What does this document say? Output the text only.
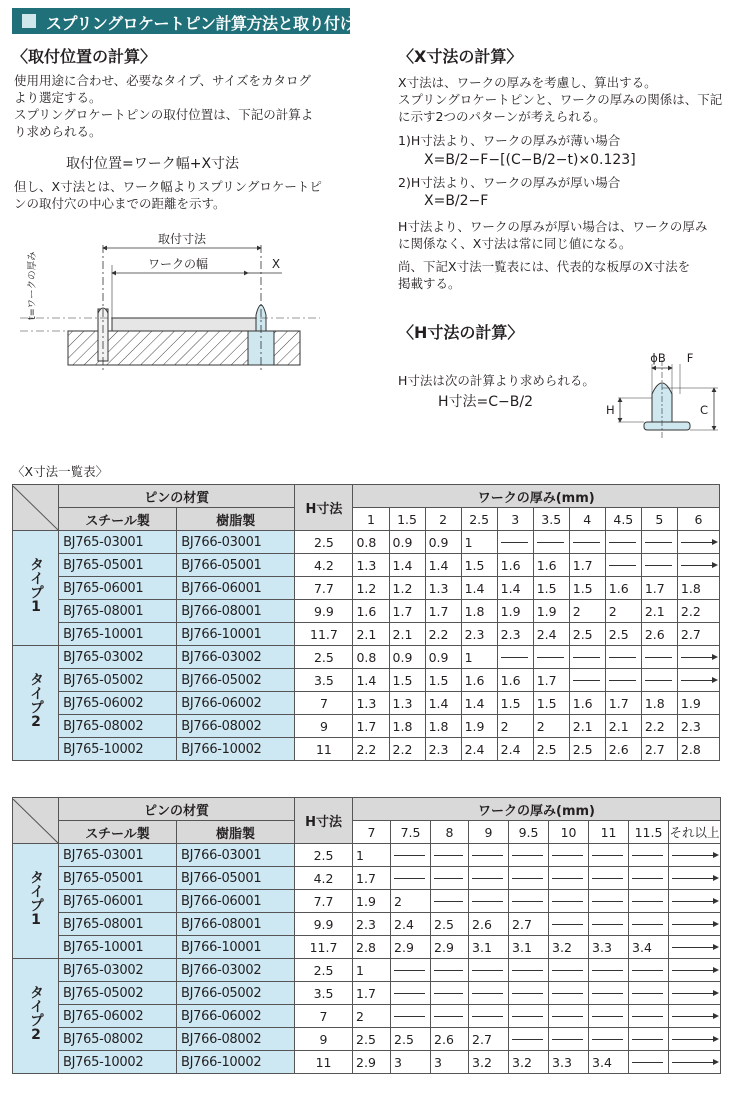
スプリングロケートピン計算方法と取り付け
〈取付位置の計算〉
使用用途に合わせ、必要なタイプ、サイズをカタログ
より選定する。
スプリングロケートピンの取付位置は、下記の計算よ
り求められる。
取付位置=ワーク幅+X寸法
但し、X寸法とは、ワーク幅よりスプリングロケートピ
ンの取付穴の中心までの距離を示す。
取付寸法
ワークの幅	X
t=ワークの厚み
〈X寸法の計算〉
X寸法は、ワークの厚みを考慮し、算出する。
スプリングロケートピンと、ワークの厚みの関係は、下記
に示す2つのパターンが考えられる。
1)H寸法より、ワークの厚みが薄い場合
X=B/2−F−[(C−B/2−t)×0.123]
2)H寸法より、ワークの厚みが厚い場合
X=B/2−F
H寸法より、ワークの厚みが厚い場合は、ワークの厚み
に関係なく、X寸法は常に同じ値になる。
尚、下記X寸法一覧表には、代表的な板厚のX寸法を
掲載する。
〈H寸法の計算〉
H寸法は次の計算より求められる。
H寸法=C−B/2
ϕB F
H	C
〈X寸法一覧表〉
	ピンの材質		H寸法	ワークの厚み(mm)									
	スチール製	樹脂製		1	1.5	2	2.5	3	3.5	4	4.5	5	6
タイプ1	BJ765-03001	BJ766-03001	2.5	0.8	0.9	0.9	1						
	BJ765-05001	BJ766-05001	4.2	1.3	1.4	1.4	1.5	1.6	1.6	1.7			
	BJ765-06001	BJ766-06001	7.7	1.2	1.2	1.3	1.4	1.4	1.5	1.5	1.6	1.7	1.8
	BJ765-08001	BJ766-08001	9.9	1.6	1.7	1.7	1.8	1.9	1.9	2	2	2.1	2.2
	BJ765-10001	BJ766-10001	11.7	2.1	2.1	2.2	2.3	2.3	2.4	2.5	2.5	2.6	2.7
タイプ2	BJ765-03002	BJ766-03002	2.5	0.8	0.9	0.9	1						
	BJ765-05002	BJ766-05002	3.5	1.4	1.5	1.5	1.6	1.6	1.7				
	BJ765-06002	BJ766-06002	7	1.3	1.3	1.4	1.4	1.5	1.5	1.6	1.7	1.8	1.9
	BJ765-08002	BJ766-08002	9	1.7	1.8	1.8	1.9	2	2	2.1	2.1	2.2	2.3
	BJ765-10002	BJ766-10002	11	2.2	2.2	2.3	2.4	2.4	2.5	2.5	2.6	2.7	2.8
	ピンの材質		H寸法	ワークの厚み(mm)								
	スチール製	樹脂製		7	7.5	8	9	9.5	10	11	11.5	それ以上
タイプ1	BJ765-03001	BJ766-03001	2.5	1								
	BJ765-05001	BJ766-05001	4.2	1.7								
	BJ765-06001	BJ766-06001	7.7	1.9	2							
	BJ765-08001	BJ766-08001	9.9	2.3	2.4	2.5	2.6	2.7				
	BJ765-10001	BJ766-10001	11.7	2.8	2.9	2.9	3.1	3.1	3.2	3.3	3.4	
タイプ2	BJ765-03002	BJ766-03002	2.5	1								
	BJ765-05002	BJ766-05002	3.5	1.7								
	BJ765-06002	BJ766-06002	7	2								
	BJ765-08002	BJ766-08002	9	2.5	2.5	2.6	2.7					
	BJ765-10002	BJ766-10002	11	2.9	3	3	3.2	3.2	3.3	3.4		
